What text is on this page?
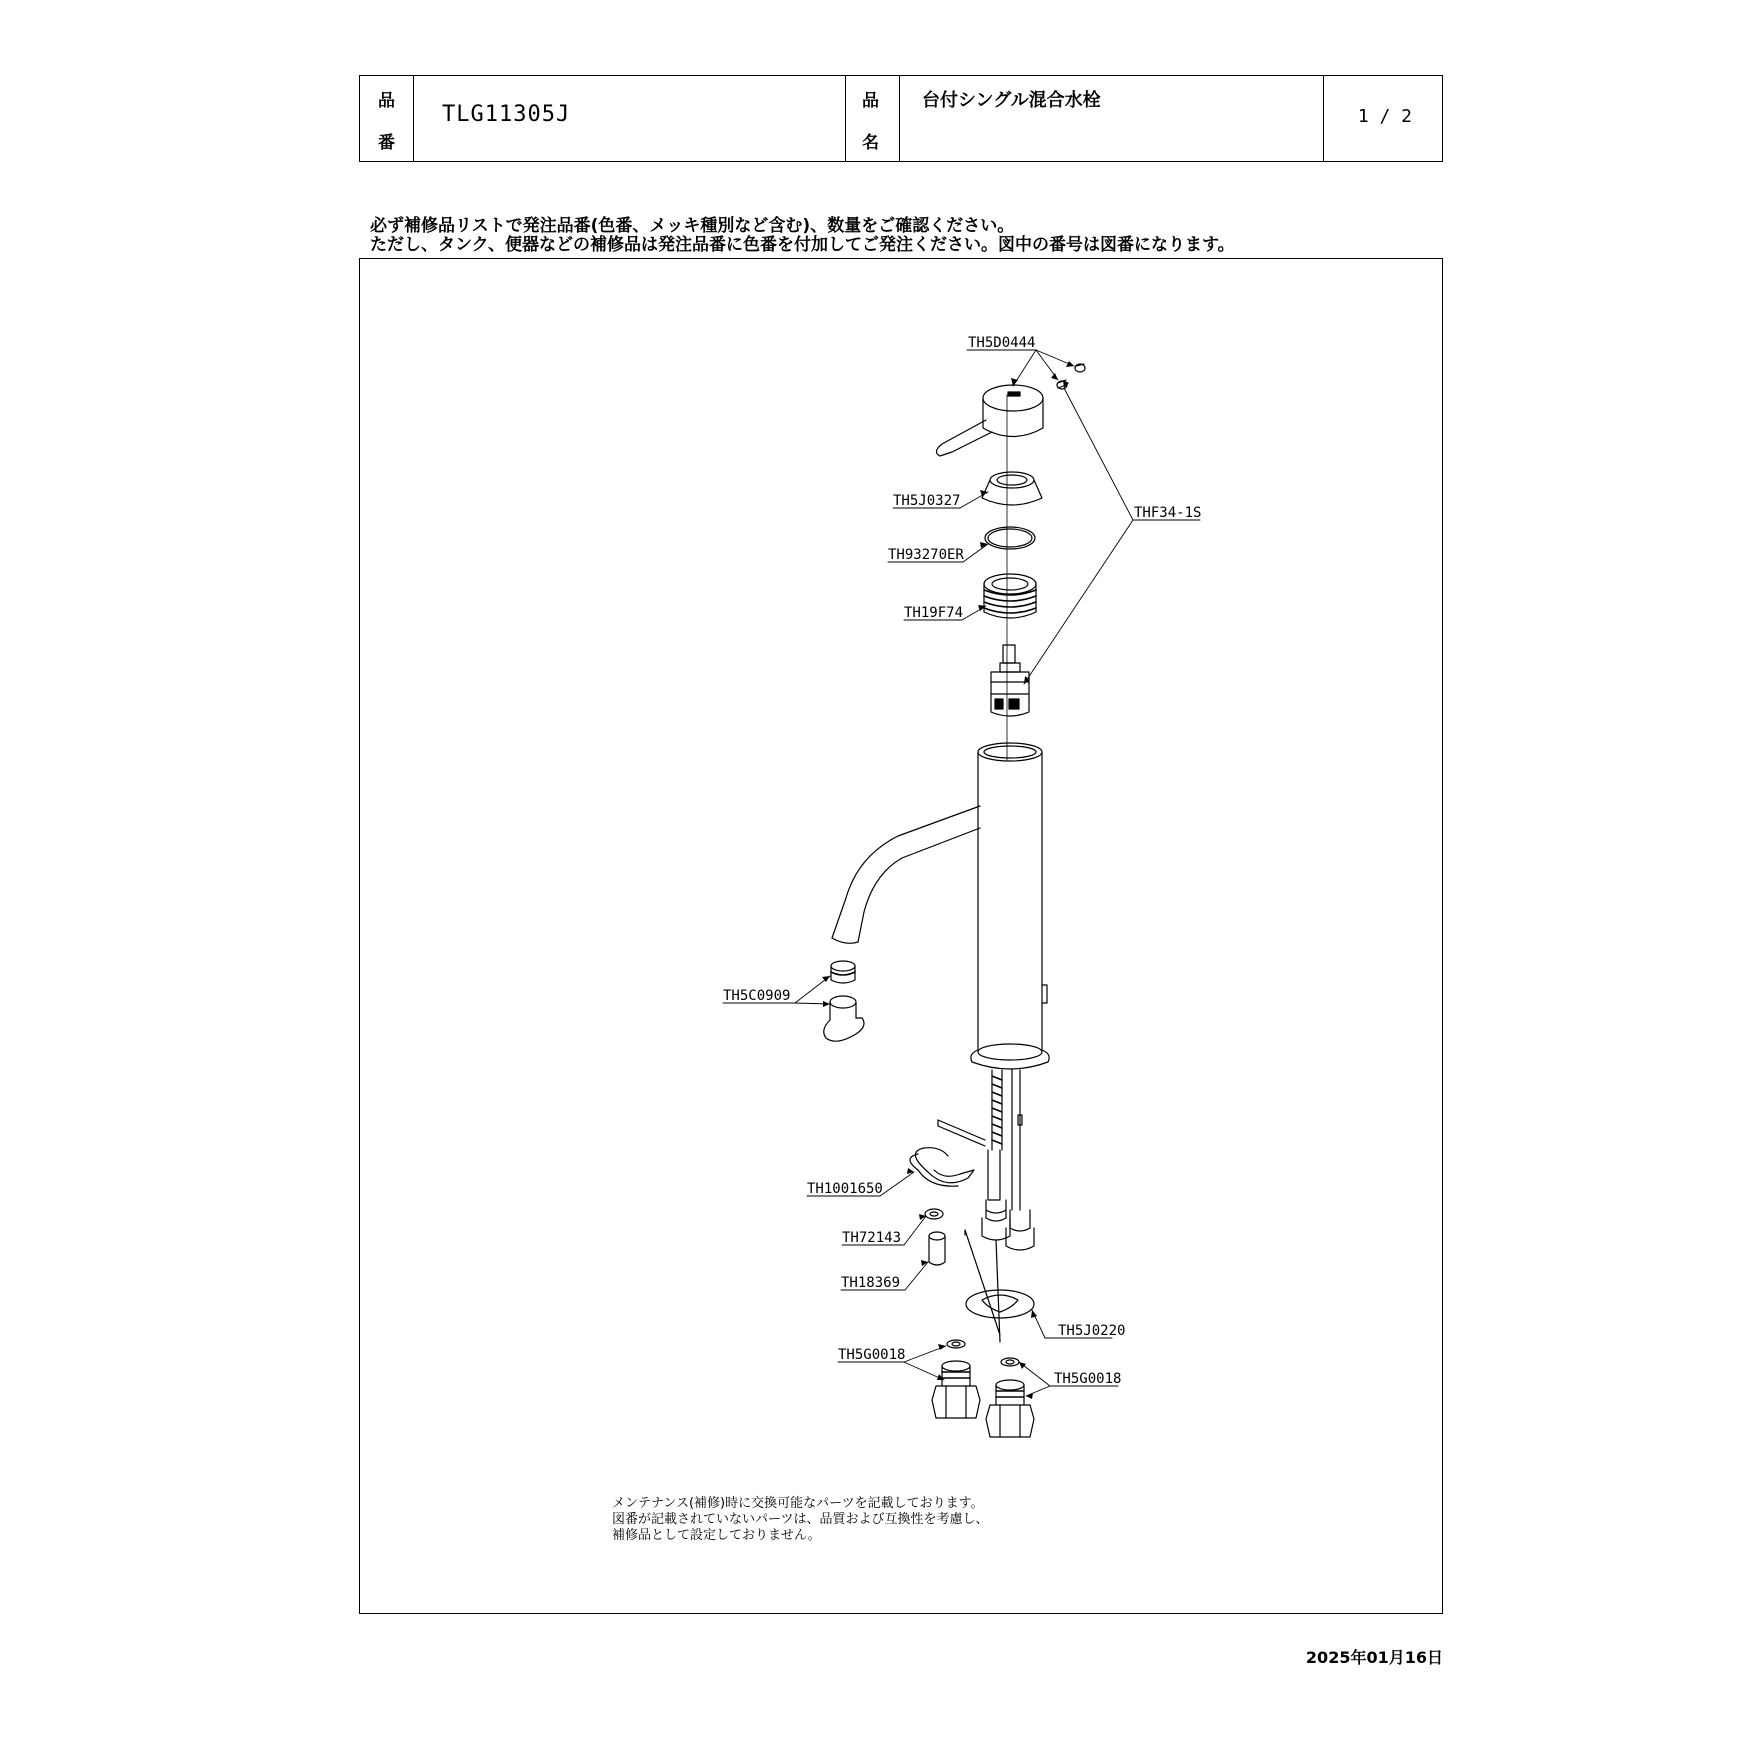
品
番
TLG11305J
品
名
台付シングル混合水栓
1 / 2
必ず補修品リストで発注品番(色番、メッキ種別など含む)、数量をご確認ください。
ただし、タンク、便器などの補修品は発注品番に色番を付加してご発注ください。図中の番号は図番になります。
TH5D0444
THF34-1S
TH5J0327
TH93270ER
TH19F74
TH5C0909
TH1001650
TH72143
TH18369
TH5J0220
TH5G0018
TH5G0018
メンテナンス(補修)時に交換可能なパーツを記載しております。
図番が記載されていないパーツは、品質および互換性を考慮し、
補修品として設定しておりません。
2025年01月16日
